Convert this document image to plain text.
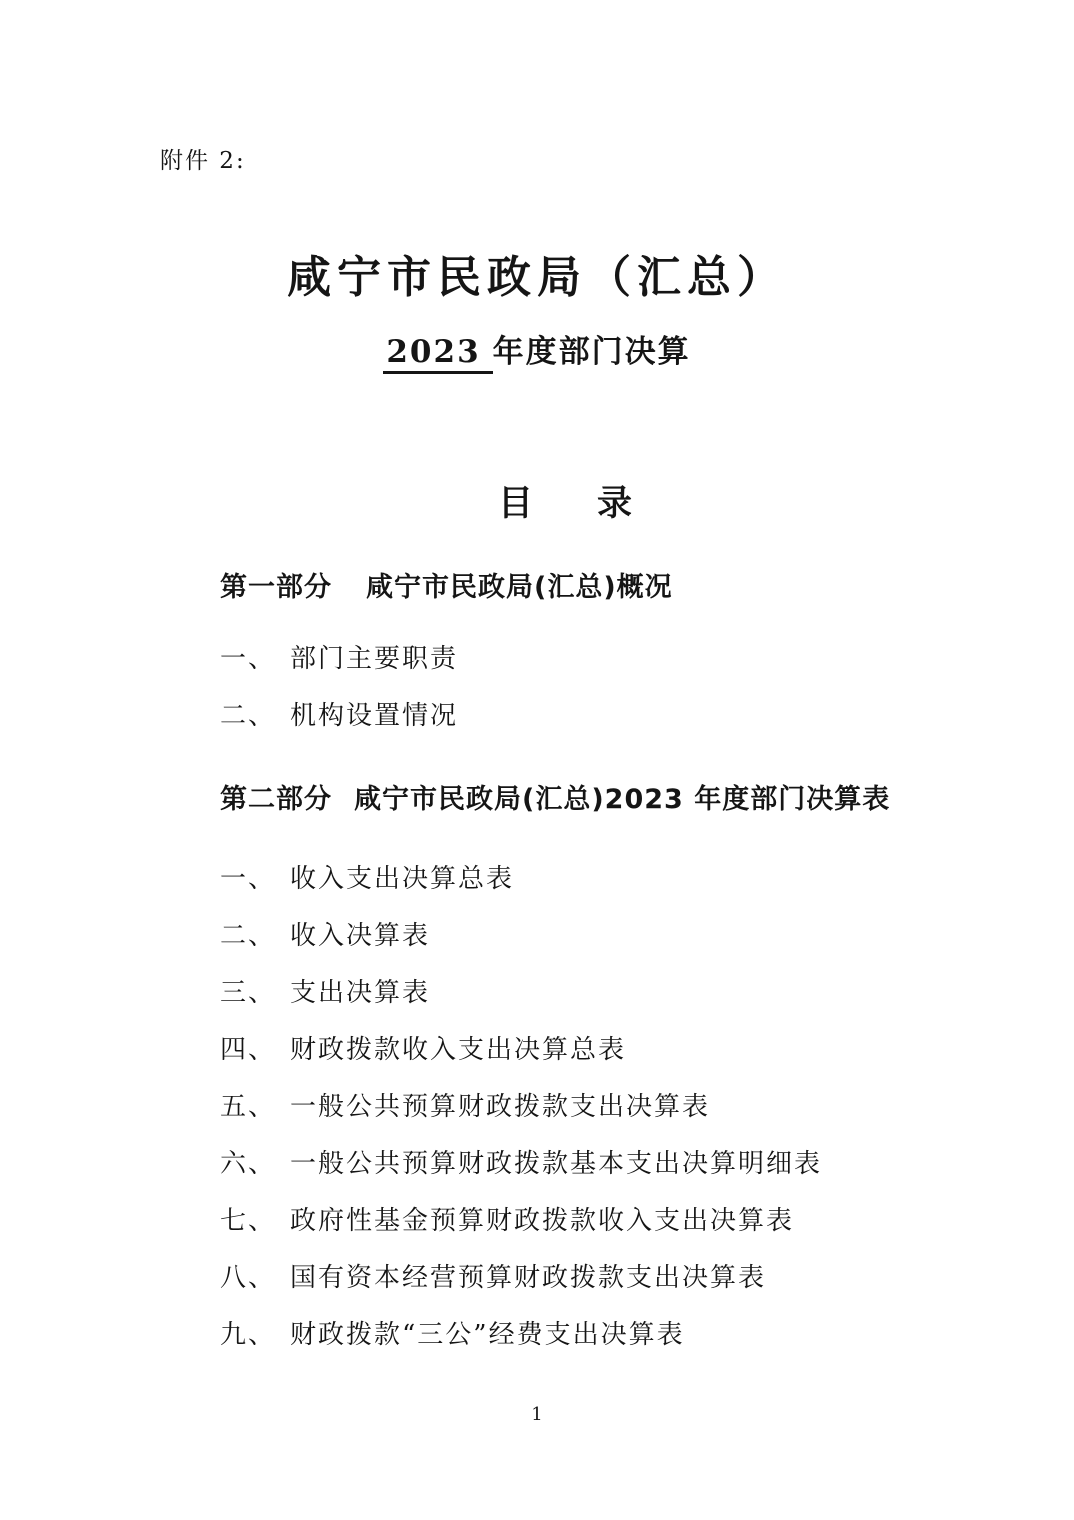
附件 2:
咸宁市民政局（汇总）
2023 年度部门决算
目 录
第一部分 咸宁市民政局(汇总)概况
一、 部门主要职责
二、 机构设置情况
第二部分 咸宁市民政局(汇总)2023 年度部门决算表
一、 收入支出决算总表
二、 收入决算表
三、 支出决算表
四、 财政拨款收入支出决算总表
五、 一般公共预算财政拨款支出决算表
六、 一般公共预算财政拨款基本支出决算明细表
七、 政府性基金预算财政拨款收入支出决算表
八、 国有资本经营预算财政拨款支出决算表
九、 财政拨款“三公”经费支出决算表
1
